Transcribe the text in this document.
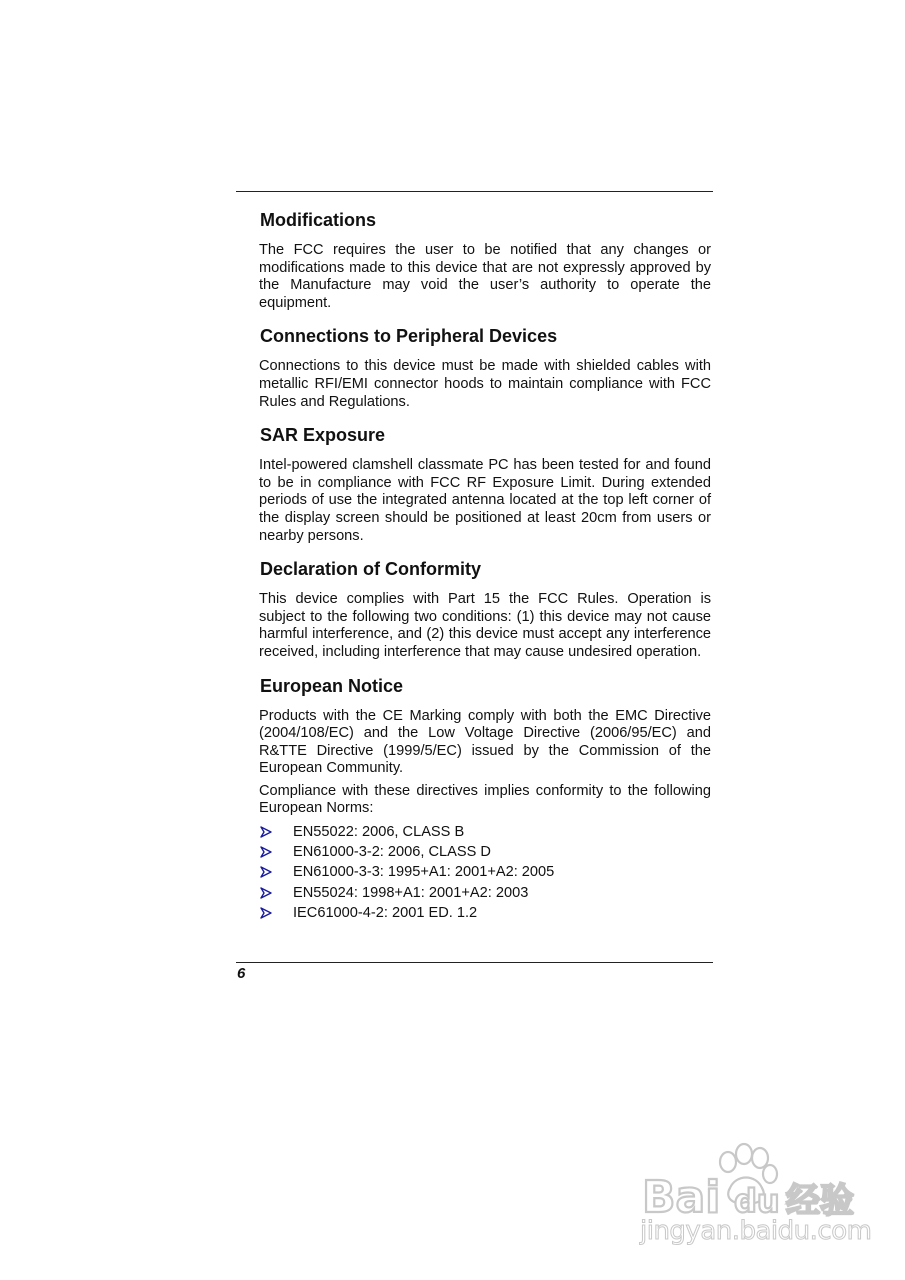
Modifications

The FCC requires the user to be notified that any changes or modifications made to this device that are not expressly approved by the Manufacture may void the user’s authority to operate the equipment.

Connections to Peripheral Devices

Connections to this device must be made with shielded cables with metallic RFI/EMI connector hoods to maintain compliance with FCC Rules and Regulations.

SAR Exposure

Intel-powered clamshell classmate PC has been tested for and found to be in compliance with FCC RF Exposure Limit. During extended periods of use the integrated antenna located at the top left corner of the display screen should be positioned at least 20cm from users or nearby persons.

Declaration of Conformity

This device complies with Part 15 the FCC Rules. Operation is subject to the following two conditions: (1) this device may not cause harmful interference, and (2) this device must accept any interference received, including interference that may cause undesired operation.

European Notice

Products with the CE Marking comply with both the EMC Directive (2004/108/EC) and the Low Voltage Directive (2006/95/EC) and R&TTE Directive (1999/5/EC) issued by the Commission of the European Community.

Compliance with these directives implies conformity to the following European Norms:

EN55022: 2006, CLASS B
EN61000-3-2: 2006, CLASS D
EN61000-3-3: 1995+A1: 2001+A2: 2005
EN55024: 1998+A1: 2001+A2: 2003
IEC61000-4-2: 2001 ED. 1.2
6
Bai du 经验
jingyan.baidu.com
